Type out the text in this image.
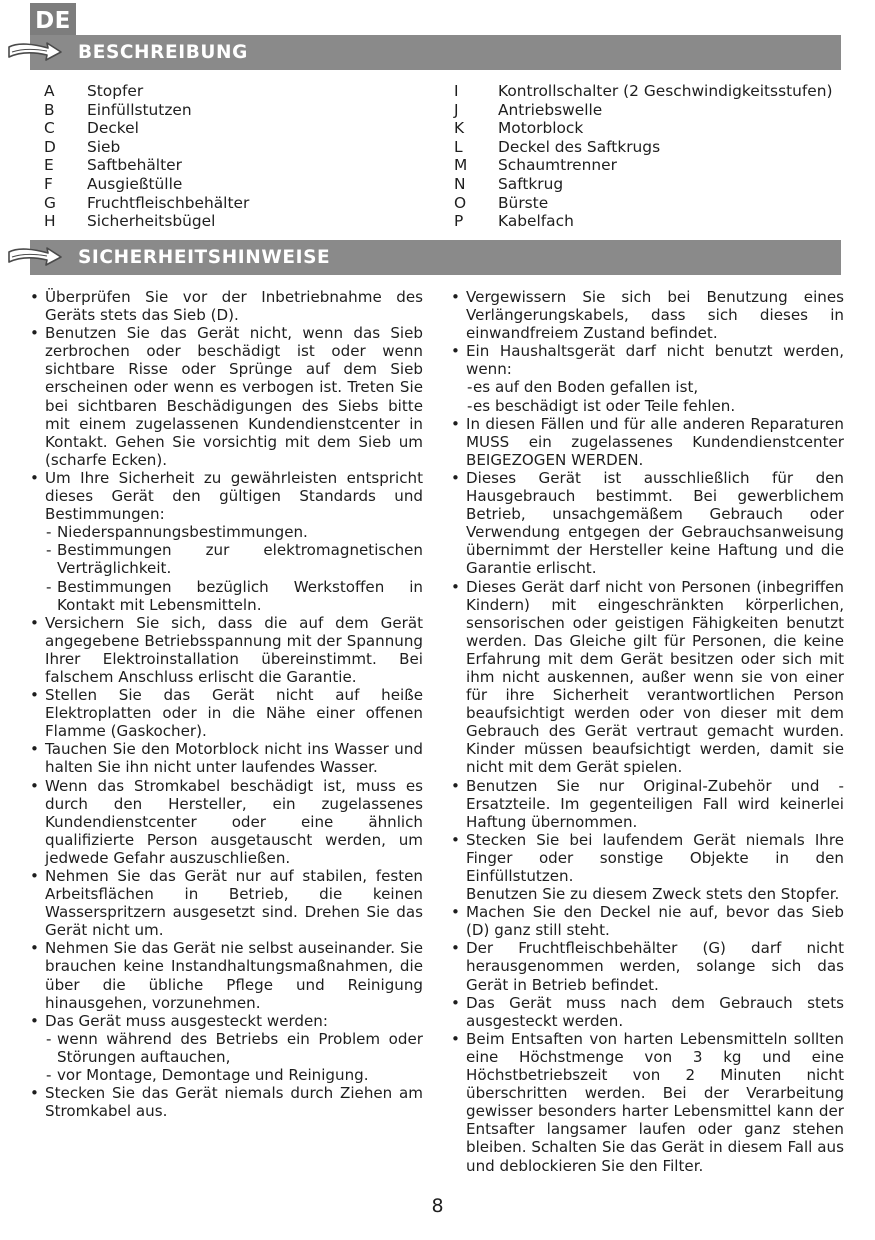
DE
BESCHREIBUNG
A	Stopfer
B	Einfüllstutzen
C	Deckel
D	Sieb
E	Saftbehälter
F	Ausgießtülle
G	Fruchtfleischbehälter
H	Sicherheitsbügel
I	Kontrollschalter (2 Geschwindigkeitsstufen)
J	Antriebswelle
K	Motorblock
L	Deckel des Saftkrugs
M	Schaumtrenner
N	Saftkrug
O	Bürste
P	Kabelfach
SICHERHEITSHINWEISE
• Überprüfen Sie vor der Inbetriebnahme des Geräts stets das Sieb (D).
• Benutzen Sie das Gerät nicht, wenn das Sieb zerbrochen oder beschädigt ist oder wenn sichtbare Risse oder Sprünge auf dem Sieb erscheinen oder wenn es verbogen ist. Treten Sie bei sichtbaren Beschädigungen des Siebs bitte mit einem zugelassenen Kundendienstcenter in Kontakt. Gehen Sie vorsichtig mit dem Sieb um (scharfe Ecken).
• Um Ihre Sicherheit zu gewährleisten entspricht dieses Gerät den gültigen Standards und Bestimmungen:
- Niederspannungsbestimmungen.
- Bestimmungen zur elektromagnetischen Verträglichkeit.
- Bestimmungen bezüglich Werkstoffen in Kontakt mit Lebensmitteln.
• Versichern Sie sich, dass die auf dem Gerät angegebene Betriebsspannung mit der Spannung Ihrer Elektroinstallation übereinstimmt. Bei falschem Anschluss erlischt die Garantie.
• Stellen Sie das Gerät nicht auf heiße Elektroplatten oder in die Nähe einer offenen Flamme (Gaskocher).
• Tauchen Sie den Motorblock nicht ins Wasser und halten Sie ihn nicht unter laufendes Wasser.
• Wenn das Stromkabel beschädigt ist, muss es durch den Hersteller, ein zugelassenes Kundendienstcenter oder eine ähnlich qualifizierte Person ausgetauscht werden, um jedwede Gefahr auszuschließen.
• Nehmen Sie das Gerät nur auf stabilen, festen Arbeitsflächen in Betrieb, die keinen Wasserspritzern ausgesetzt sind. Drehen Sie das Gerät nicht um.
• Nehmen Sie das Gerät nie selbst auseinander. Sie brauchen keine Instandhaltungsmaßnahmen, die über die übliche Pflege und Reinigung hinausgehen, vorzunehmen.
• Das Gerät muss ausgesteckt werden:
- wenn während des Betriebs ein Problem oder Störungen auftauchen,
- vor Montage, Demontage und Reinigung.
• Stecken Sie das Gerät niemals durch Ziehen am Stromkabel aus.
• Vergewissern Sie sich bei Benutzung eines Verlängerungskabels, dass sich dieses in einwandfreiem Zustand befindet.
• Ein Haushaltsgerät darf nicht benutzt werden, wenn:
- es auf den Boden gefallen ist,
- es beschädigt ist oder Teile fehlen.
• In diesen Fällen und für alle anderen Reparaturen MUSS ein zugelassenes Kundendienstcenter BEIGEZOGEN WERDEN.
• Dieses Gerät ist ausschließlich für den Hausgebrauch bestimmt. Bei gewerblichem Betrieb, unsachgemäßem Gebrauch oder Verwendung entgegen der Gebrauchsanweisung übernimmt der Hersteller keine Haftung und die Garantie erlischt.
• Dieses Gerät darf nicht von Personen (inbegriffen Kindern) mit eingeschränkten körperlichen, sensorischen oder geistigen Fähigkeiten benutzt werden. Das Gleiche gilt für Personen, die keine Erfahrung mit dem Gerät besitzen oder sich mit ihm nicht auskennen, außer wenn sie von einer für ihre Sicherheit verantwortlichen Person beaufsichtigt werden oder von dieser mit dem Gebrauch des Gerät vertraut gemacht wurden. Kinder müssen beaufsichtigt werden, damit sie nicht mit dem Gerät spielen.
• Benutzen Sie nur Original-Zubehör und -Ersatzteile. Im gegenteiligen Fall wird keinerlei Haftung übernommen.
• Stecken Sie bei laufendem Gerät niemals Ihre Finger oder sonstige Objekte in den Einfüllstutzen.
Benutzen Sie zu diesem Zweck stets den Stopfer.
• Machen Sie den Deckel nie auf, bevor das Sieb (D) ganz still steht.
• Der Fruchtfleischbehälter (G) darf nicht herausgenommen werden, solange sich das Gerät in Betrieb befindet.
• Das Gerät muss nach dem Gebrauch stets ausgesteckt werden.
• Beim Entsaften von harten Lebensmitteln sollten eine Höchstmenge von 3 kg und eine Höchstbetriebszeit von 2 Minuten nicht überschritten werden. Bei der Verarbeitung gewisser besonders harter Lebensmittel kann der Entsafter langsamer laufen oder ganz stehen bleiben. Schalten Sie das Gerät in diesem Fall aus und deblockieren Sie den Filter.
8
